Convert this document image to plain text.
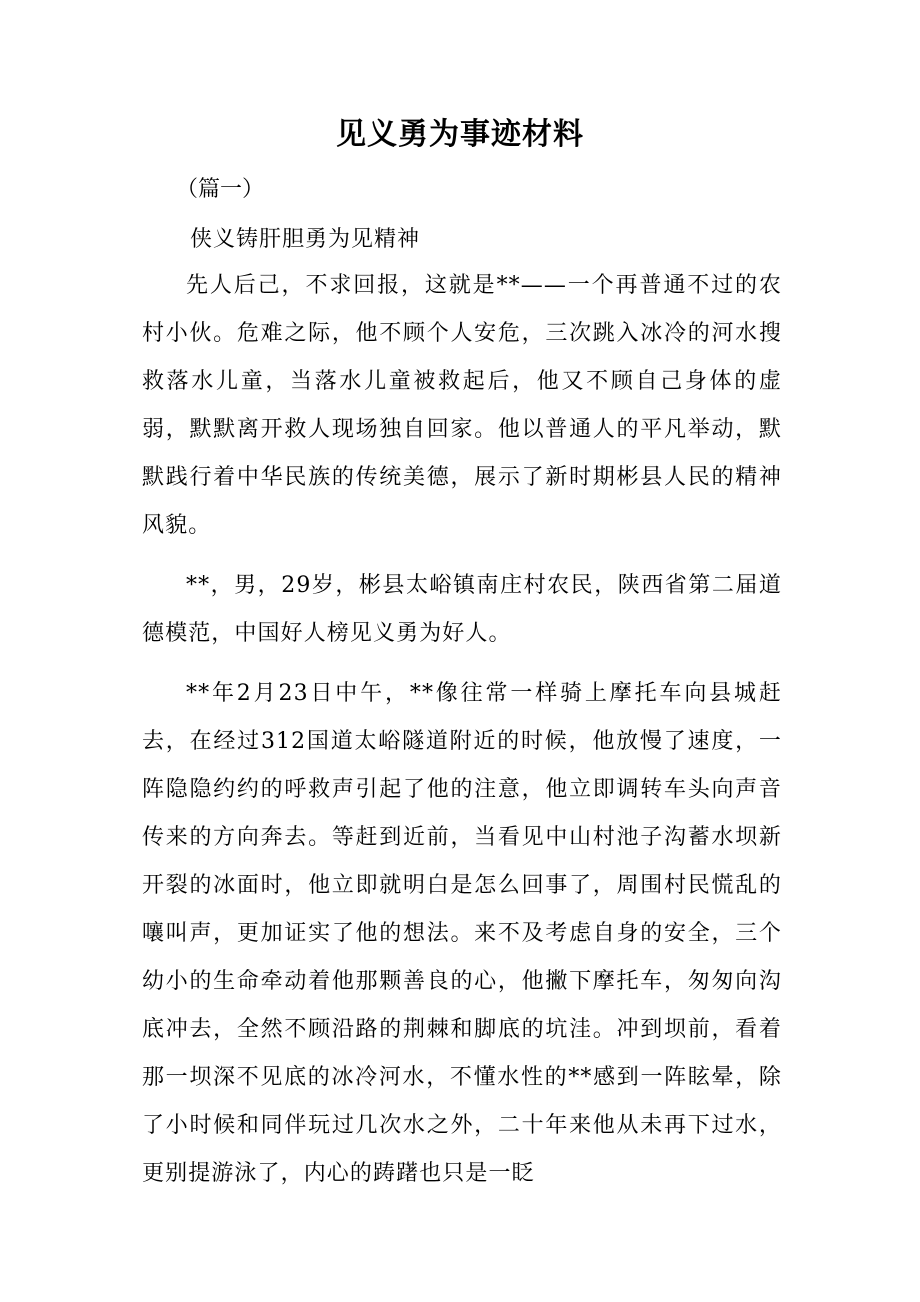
见义勇为事迹材料

（篇一）

侠义铸肝胆勇为见精神

先人后己，不求回报，这就是**——一个再普通不过的农村小伙。危难之际，他不顾个人安危，三次跳入冰冷的河水搜救落水儿童，当落水儿童被救起后，他又不顾自己身体的虚弱，默默离开救人现场独自回家。他以普通人的平凡举动，默默践行着中华民族的传统美德，展示了新时期彬县人民的精神风貌。

**，男，29岁，彬县太峪镇南庄村农民，陕西省第二届道德模范，中国好人榜见义勇为好人。

**年2月23日中午，**像往常一样骑上摩托车向县城赶去，在经过312国道太峪隧道附近的时候，他放慢了速度，一阵隐隐约约的呼救声引起了他的注意，他立即调转车头向声音传来的方向奔去。等赶到近前，当看见中山村池子沟蓄水坝新开裂的冰面时，他立即就明白是怎么回事了，周围村民慌乱的嚷叫声，更加证实了他的想法。来不及考虑自身的安全，三个幼小的生命牵动着他那颗善良的心，他撇下摩托车，匆匆向沟底冲去，全然不顾沿路的荆棘和脚底的坑洼。冲到坝前，看着那一坝深不见底的冰冷河水，不懂水性的**感到一阵眩晕，除了小时候和同伴玩过几次水之外，二十年来他从未再下过水，更别提游泳了，内心的踌躇也只是一眨
